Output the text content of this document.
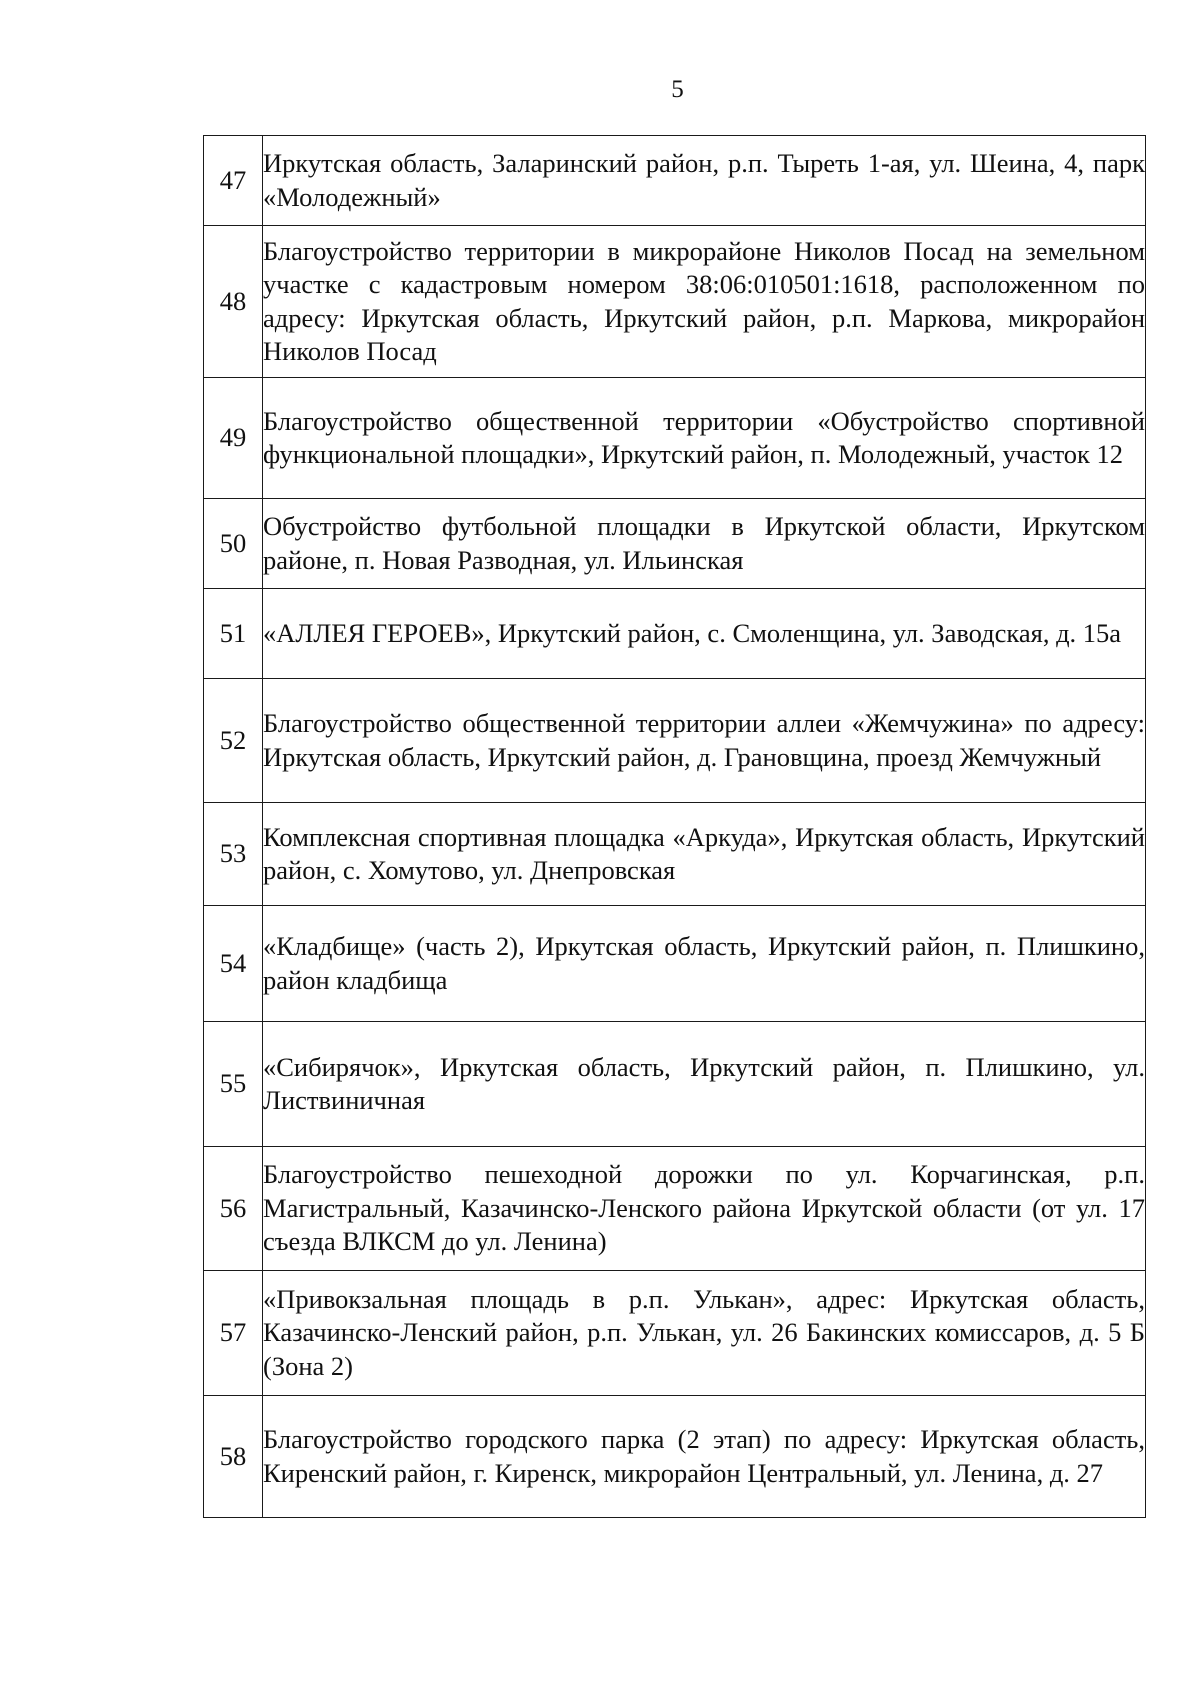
5
47	Иркутская область, Заларинский район, р.п. Тыреть 1-ая, ул. Шеина, 4, парк «Молодежный»

48	Благоустройство территории в микрорайоне Николов Посад на земельном участке с кадастровым номером 38:06:010501:1618, расположенном по адресу: Иркутская область, Иркутский район, р.п. Маркова, микрорайон Николов Посад

49	Благоустройство общественной территории «Обустройство спортивной функциональной площадки», Иркутский район, п. Молодежный, участок 12

50	Обустройство футбольной площадки в Иркутской области, Иркутском районе, п. Новая Разводная, ул. Ильинская

51	«АЛЛЕЯ ГЕРОЕВ», Иркутский район, с. Смоленщина, ул. Заводская, д. 15а

52	Благоустройство общественной территории аллеи «Жемчужина» по адресу: Иркутская область, Иркутский район, д. Грановщина, проезд Жемчужный

53	Комплексная спортивная площадка «Аркуда», Иркутская область, Иркутский район, с. Хомутово, ул. Днепровская

54	«Кладбище» (часть 2), Иркутская область, Иркутский район, п. Плишкино, район кладбища

55	«Сибирячок», Иркутская область, Иркутский район, п. Плишкино, ул. Листвиничная

56	Благоустройство пешеходной дорожки по ул. Корчагинская, р.п. Магистральный, Казачинско-Ленского района Иркутской области (от ул. 17 съезда ВЛКСМ до ул. Ленина)

57	«Привокзальная площадь в р.п. Улькан», адрес: Иркутская область, Казачинско-Ленский район, р.п. Улькан, ул. 26 Бакинских комиссаров, д. 5 Б (Зона 2)

58	Благоустройство городского парка (2 этап) по адресу: Иркутская область, Киренский район, г. Киренск, микрорайон Центральный, ул. Ленина, д. 27
